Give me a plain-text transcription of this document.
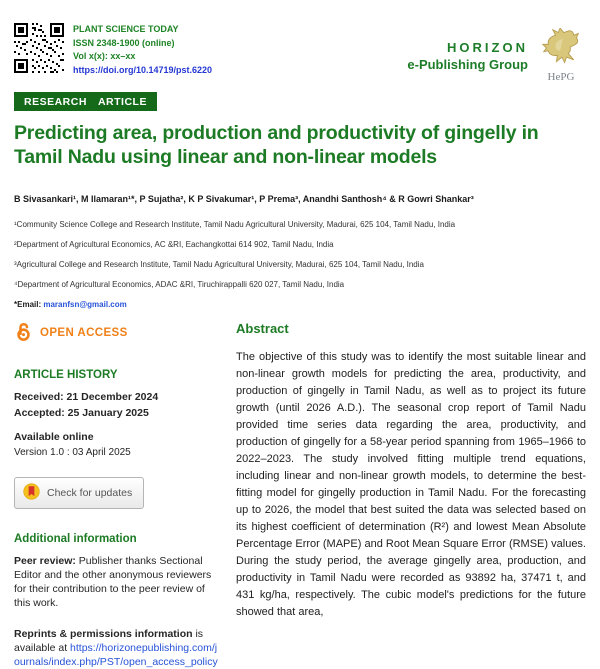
PLANT SCIENCE TODAY
ISSN 2348-1900 (online)
Vol x(x): xx–xx
https://doi.org/10.14719/pst.6220
HORIZON
e-Publishing Group
HePG
RESEARCH ARTICLE
Predicting area, production and productivity of gingelly in Tamil Nadu using linear and non-linear models
B Sivasankari¹, M Ilamaran¹*, P Sujatha², K P Sivakumar¹, P Prema³, Anandhi Santhosh⁴ & R Gowri Shankar³
¹Community Science College and Research Institute, Tamil Nadu Agricultural University, Madurai, 625 104, Tamil Nadu, India
²Department of Agricultural Economics, AC &RI, Eachangkottai 614 902, Tamil Nadu, India
³Agricultural College and Research Institute, Tamil Nadu Agricultural University, Madurai, 625 104, Tamil Nadu, India
⁴Department of Agricultural Economics, ADAC &RI, Tiruchirappalli 620 027, Tamil Nadu, India
*Email: maranfsn@gmail.com
OPEN ACCESS
ARTICLE HISTORY
Received: 21 December 2024
Accepted: 25 January 2025
Available online
Version 1.0 : 03 April 2025
Check for updates
Additional information

Peer review: Publisher thanks Sectional Editor and the other anonymous reviewers for their contribution to the peer review of this work.

Reprints & permissions information is available at https://horizonepublishing.com/journals/index.php/PST/open_access_policy

Abstract

The objective of this study was to identify the most suitable linear and non-linear growth models for predicting the area, productivity, and production of gingelly in Tamil Nadu, as well as to project its future growth (until 2026 A.D.). The seasonal crop report of Tamil Nadu provided time series data regarding the area, productivity, and production of gingelly for a 58-year period spanning from 1965–1966 to 2022–2023. The study involved fitting multiple trend equations, including linear and non-linear growth models, to determine the best-fitting model for gingelly production in Tamil Nadu. For the forecasting up to 2026, the model that best suited the data was selected based on its highest coefficient of determination (R²) and lowest Mean Absolute Percentage Error (MAPE) and Root Mean Square Error (RMSE) values. During the study period, the average gingelly area, production, and productivity in Tamil Nadu were recorded as 93892 ha, 37471 t, and 431 kg/ha, respectively. The cubic model's predictions for the future showed that area,
